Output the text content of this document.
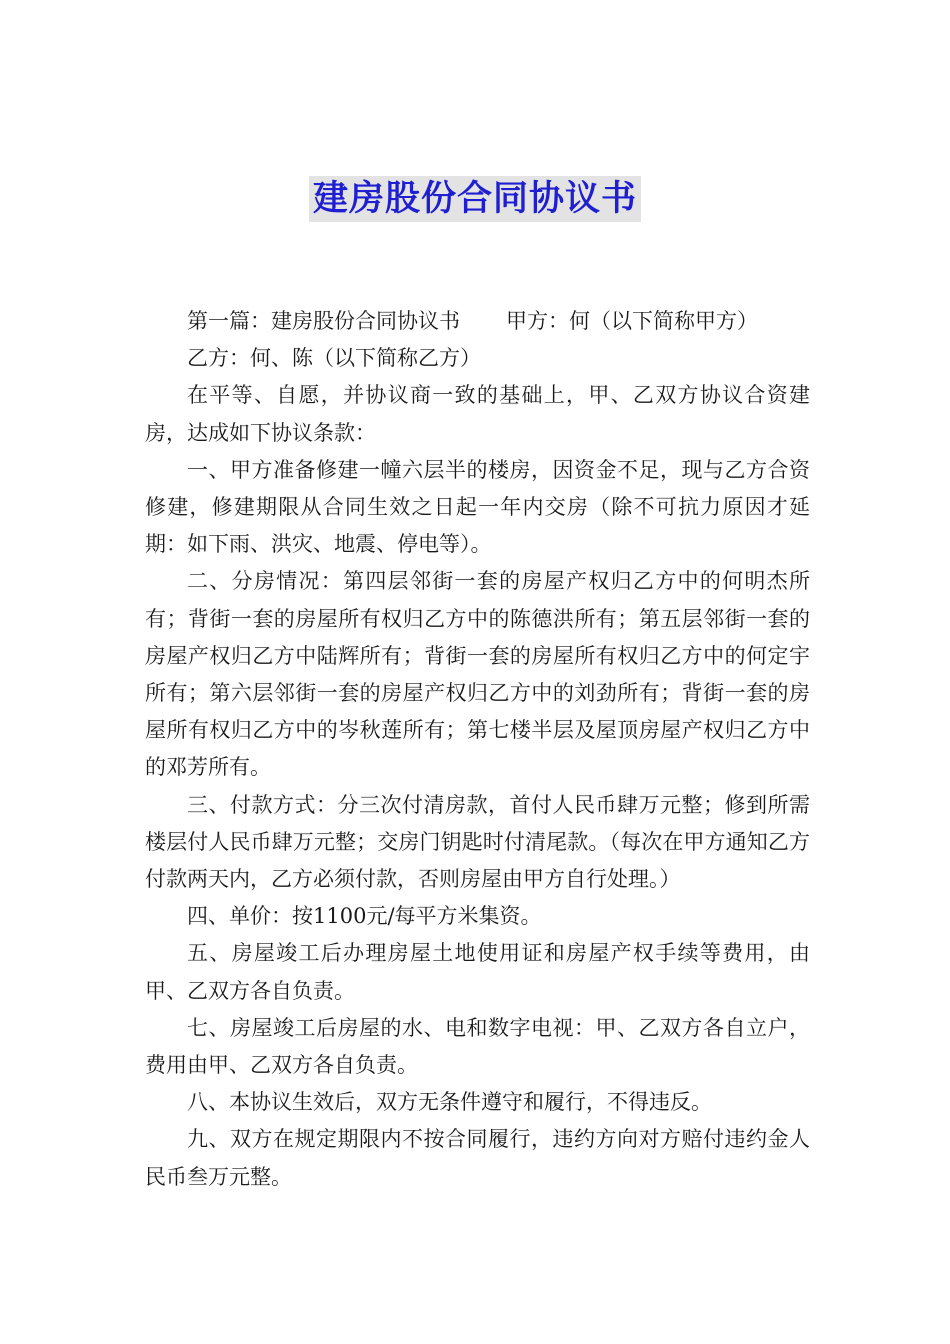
建房股份合同协议书

第一篇：建房股份合同协议书 甲方：何（以下简称甲方）

乙方：何、陈（以下简称乙方）

在平等、自愿，并协议商一致的基础上，甲、乙双方协议合资建房，达成如下协议条款：

一、甲方准备修建一幢六层半的楼房，因资金不足，现与乙方合资修建，修建期限从合同生效之日起一年内交房（除不可抗力原因才延期：如下雨、洪灾、地震、停电等）。

二、分房情况：第四层邻街一套的房屋产权归乙方中的何明杰所有；背街一套的房屋所有权归乙方中的陈德洪所有；第五层邻街一套的房屋产权归乙方中陆辉所有；背街一套的房屋所有权归乙方中的何定宇所有；第六层邻街一套的房屋产权归乙方中的刘劲所有；背街一套的房屋所有权归乙方中的岑秋莲所有；第七楼半层及屋顶房屋产权归乙方中的邓芳所有。

三、付款方式：分三次付清房款，首付人民币肆万元整；修到所需楼层付人民币肆万元整；交房门钥匙时付清尾款。（每次在甲方通知乙方付款两天内，乙方必须付款，否则房屋由甲方自行处理。）

四、单价：按1100元/每平方米集资。

五、房屋竣工后办理房屋土地使用证和房屋产权手续等费用，由甲、乙双方各自负责。

七、房屋竣工后房屋的水、电和数字电视：甲、乙双方各自立户，费用由甲、乙双方各自负责。

八、本协议生效后，双方无条件遵守和履行，不得违反。

九、双方在规定期限内不按合同履行，违约方向对方赔付违约金人民币叁万元整。
